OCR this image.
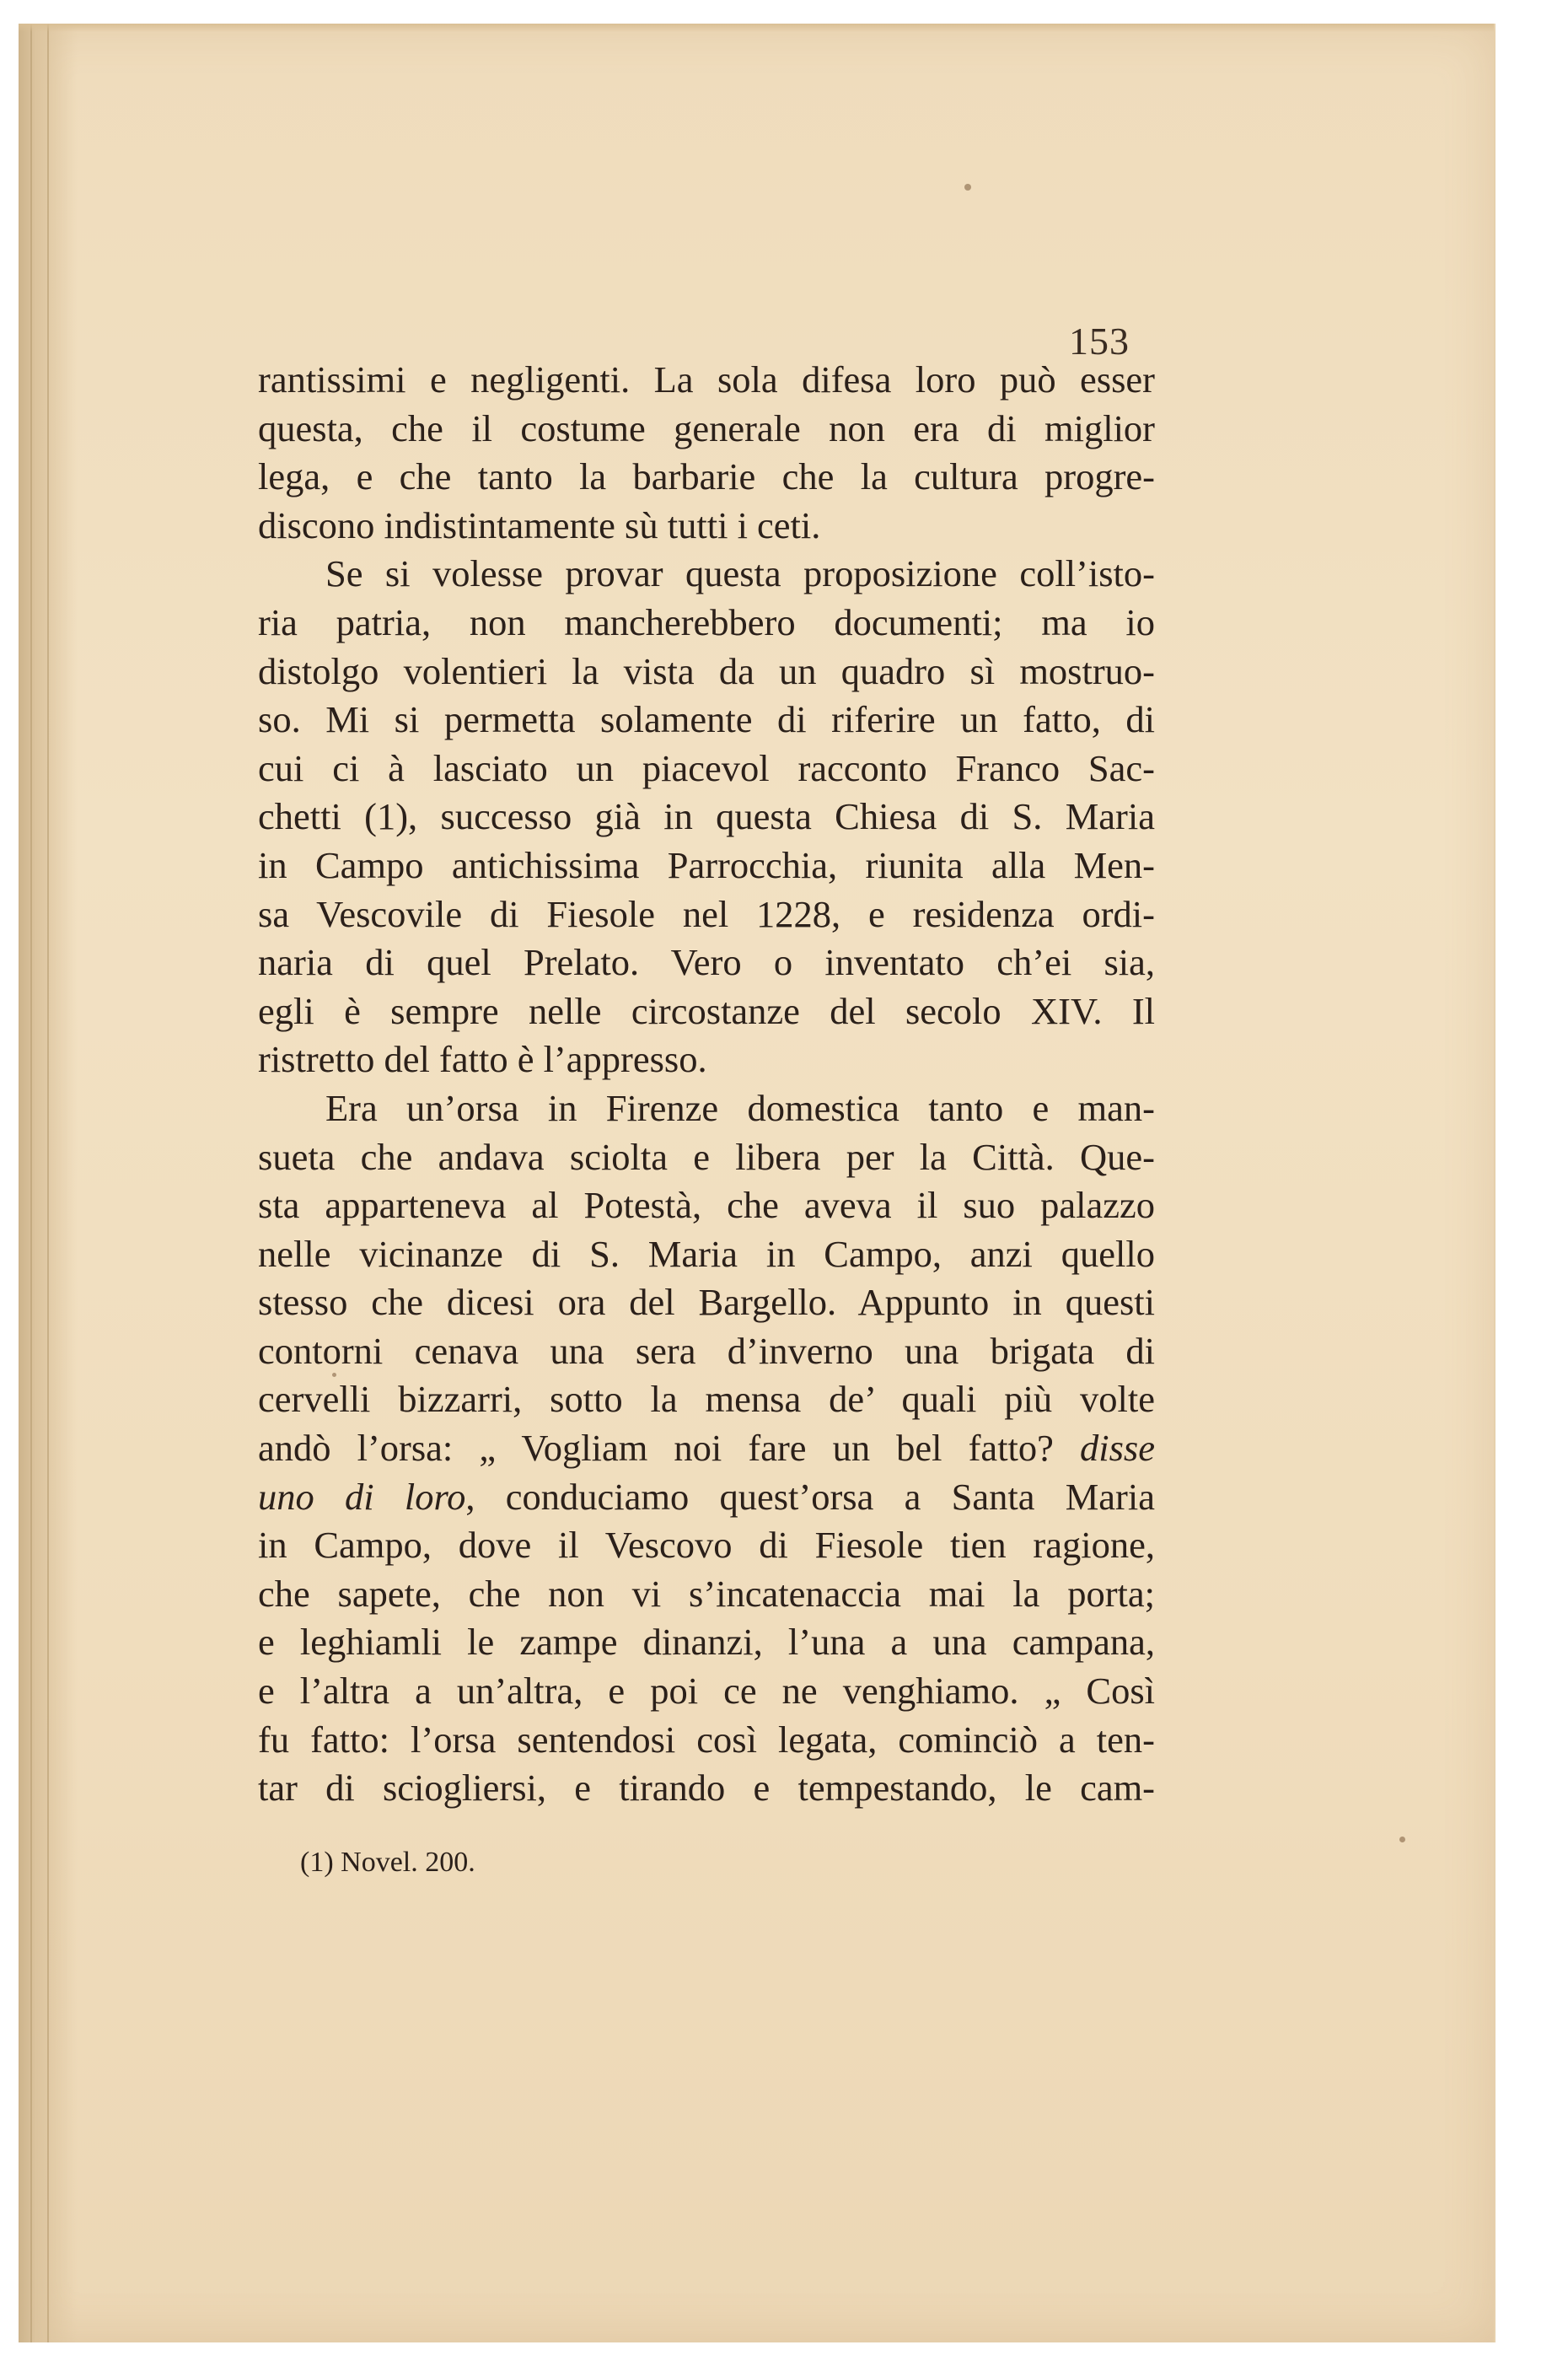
153
rantissimi e negligenti. La sola difesa loro può esser
questa, che il costume generale non era di miglior
lega, e che tanto la barbarie che la cultura progre-
discono indistintamente sù tutti i ceti.
Se si volesse provar questa proposizione coll’isto-
ria patria, non mancherebbero documenti; ma io
distolgo volentieri la vista da un quadro sì mostruo-
so. Mi si permetta solamente di riferire un fatto, di
cui ci à lasciato un piacevol racconto Franco Sac-
chetti (1), successo già in questa Chiesa di S. Maria
in Campo antichissima Parrocchia, riunita alla Men-
sa Vescovile di Fiesole nel 1228, e residenza ordi-
naria di quel Prelato. Vero o inventato ch’ei sia,
egli è sempre nelle circostanze del secolo XIV. Il
ristretto del fatto è l’appresso.
Era un’orsa in Firenze domestica tanto e man-
sueta che andava sciolta e libera per la Città. Que-
sta apparteneva al Potestà, che aveva il suo palazzo
nelle vicinanze di S. Maria in Campo, anzi quello
stesso che dicesi ora del Bargello. Appunto in questi
contorni cenava una sera d’inverno una brigata di
cervelli bizzarri, sotto la mensa de’ quali più volte
andò l’orsa: „ Vogliam noi fare un bel fatto? disse
uno di loro, conduciamo quest’orsa a Santa Maria
in Campo, dove il Vescovo di Fiesole tien ragione,
che sapete, che non vi s’incatenaccia mai la porta;
e leghiamli le zampe dinanzi, l’una a una campana,
e l’altra a un’altra, e poi ce ne venghiamo. „ Così
fu fatto: l’orsa sentendosi così legata, cominciò a ten-
tar di sciogliersi, e tirando e tempestando, le cam-
(1) Novel. 200.
